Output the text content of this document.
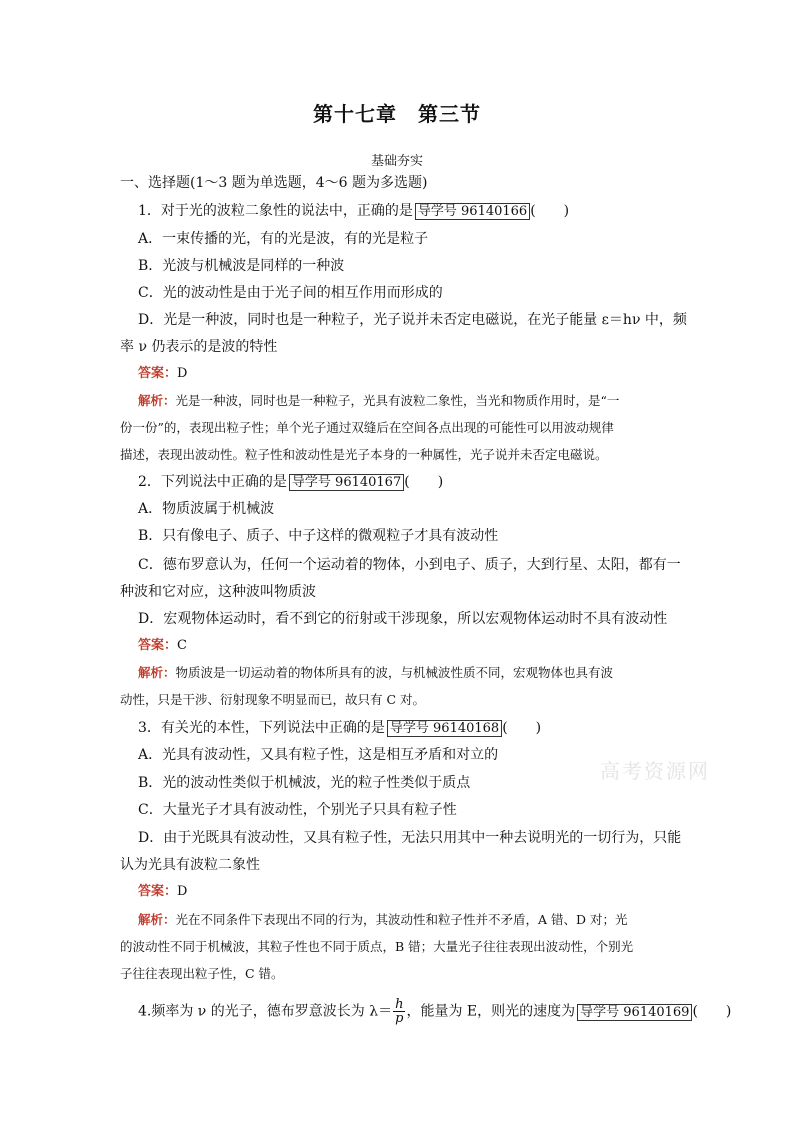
第十七章　第三节
基础夯实
一、选择题(1～3 题为单选题，4～6 题为多选题)
1．对于光的波粒二象性的说法中，正确的是 导学号 96140166 (　　)
A．一束传播的光，有的光是波，有的光是粒子
B．光波与机械波是同样的一种波
C．光的波动性是由于光子间的相互作用而形成的
D．光是一种波，同时也是一种粒子，光子说并未否定电磁说，在光子能量 ε＝hν 中，频
率 ν 仍表示的是波的特性
答案：D
解析：光是一种波，同时也是一种粒子，光具有波粒二象性，当光和物质作用时，是“一
份一份”的，表现出粒子性；单个光子通过双缝后在空间各点出现的可能性可以用波动规律
描述，表现出波动性。粒子性和波动性是光子本身的一种属性，光子说并未否定电磁说。
2．下列说法中正确的是 导学号 96140167 (　　)
A．物质波属于机械波
B．只有像电子、质子、中子这样的微观粒子才具有波动性
C．德布罗意认为，任何一个运动着的物体，小到电子、质子，大到行星、太阳，都有一
种波和它对应，这种波叫物质波
D．宏观物体运动时，看不到它的衍射或干涉现象，所以宏观物体运动时不具有波动性
答案：C
解析：物质波是一切运动着的物体所具有的波，与机械波性质不同，宏观物体也具有波
动性，只是干涉、衍射现象不明显而已，故只有 C 对。
3．有关光的本性，下列说法中正确的是 导学号 96140168 (　　)
A．光具有波动性，又具有粒子性，这是相互矛盾和对立的
B．光的波动性类似于机械波，光的粒子性类似于质点
C．大量光子才具有波动性，个别光子只具有粒子性
D．由于光既具有波动性，又具有粒子性，无法只用其中一种去说明光的一切行为，只能
认为光具有波粒二象性
答案：D
解析：光在不同条件下表现出不同的行为，其波动性和粒子性并不矛盾，A 错、D 对；光
的波动性不同于机械波，其粒子性也不同于质点，B 错；大量光子往往表现出波动性，个别光
子往往表现出粒子性，C 错。
4.频率为 ν 的光子，德布罗意波长为 $\lambda= \frac{h}{p}$ ，能量为 E，则光的速度为 导学号 96140169 (　　)
高考资源网
